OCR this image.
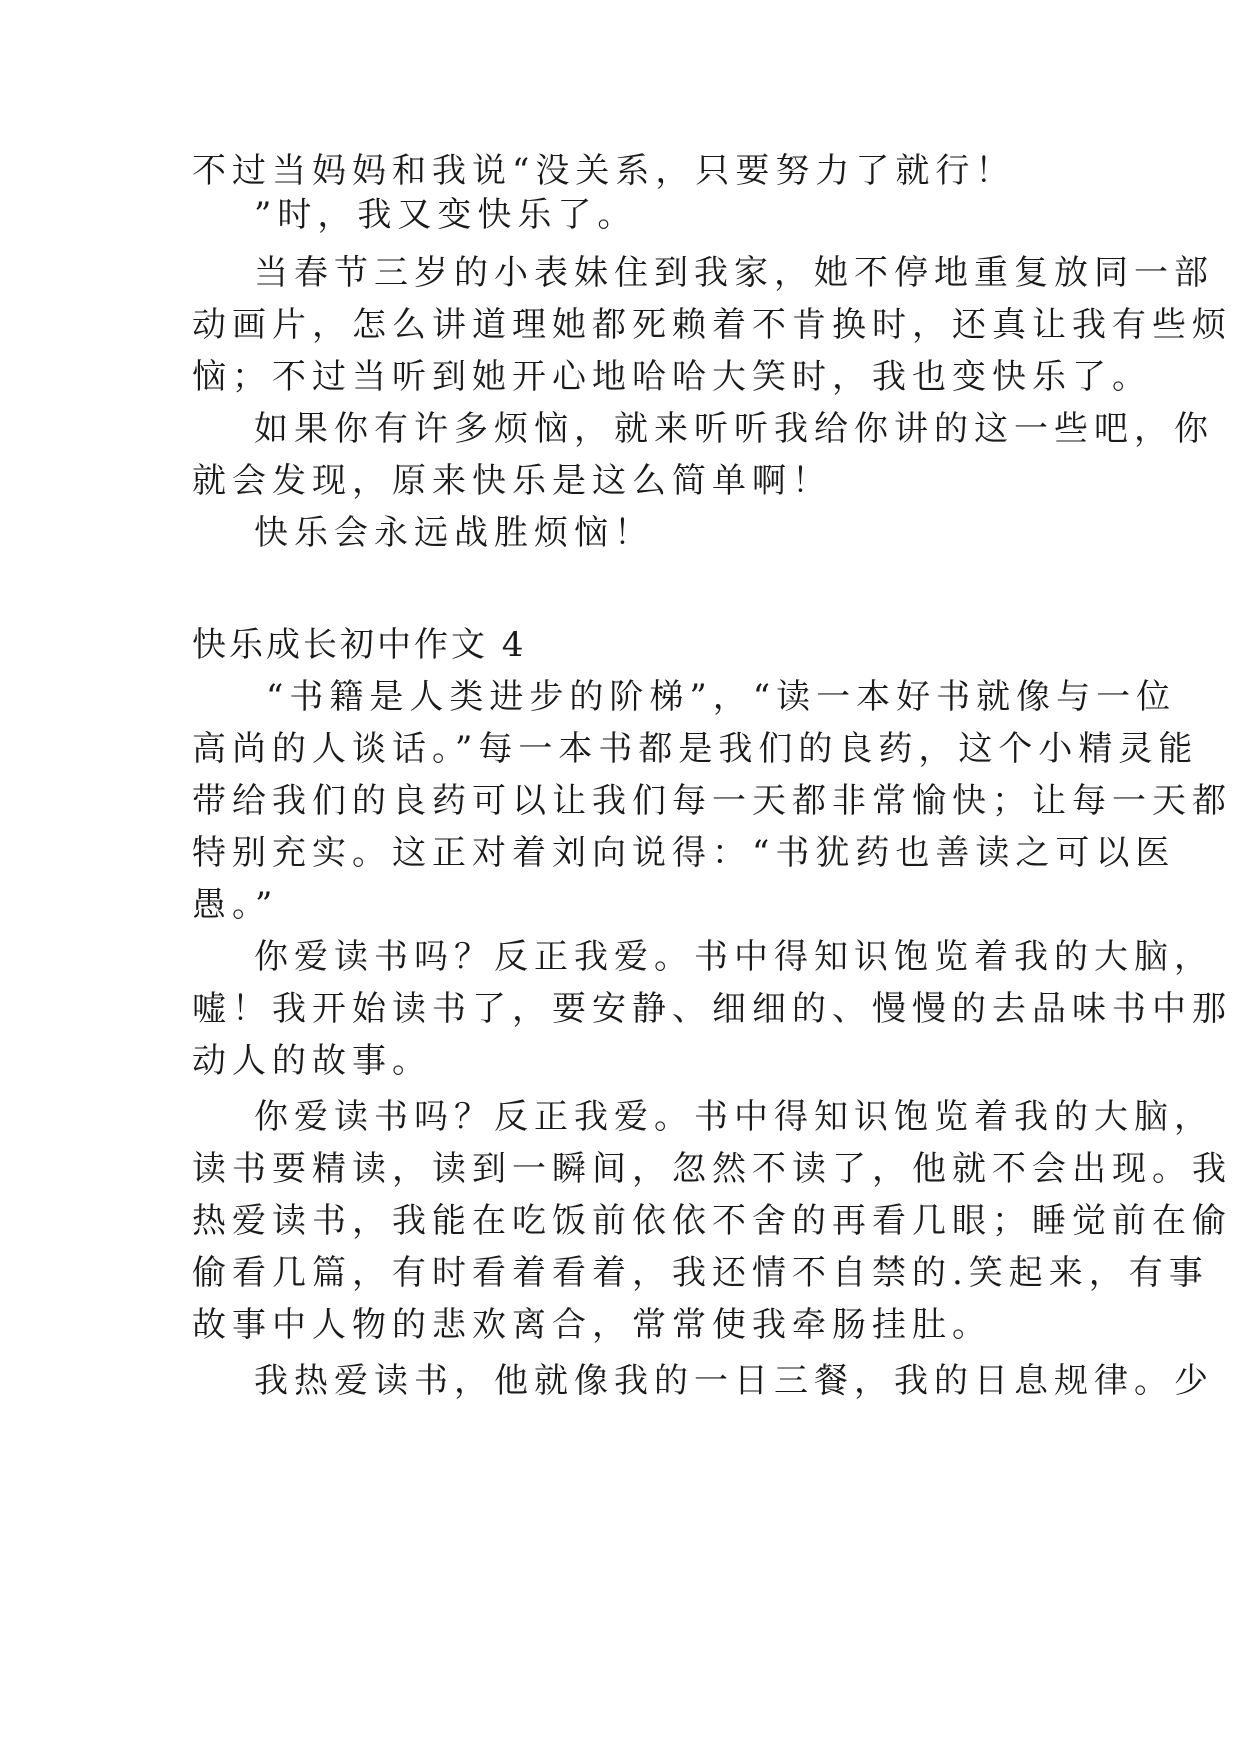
不过当妈妈和我说“没关系，只要努力了就行！
”时，我又变快乐了。
当春节三岁的小表妹住到我家，她不停地重复放同一部
动画片，怎么讲道理她都死赖着不肯换时，还真让我有些烦
恼；不过当听到她开心地哈哈大笑时，我也变快乐了。
如果你有许多烦恼，就来听听我给你讲的这一些吧，你
就会发现，原来快乐是这么简单啊！
快乐会永远战胜烦恼！
快乐成长初中作文 4
“书籍是人类进步的阶梯”，“读一本好书就像与一位
高尚的人谈话。”每一本书都是我们的良药，这个小精灵能
带给我们的良药可以让我们每一天都非常愉快；让每一天都
特别充实。这正对着刘向说得：“书犹药也善读之可以医
愚。”
你爱读书吗？反正我爱。书中得知识饱览着我的大脑，
嘘！我开始读书了，要安静、细细的、慢慢的去品味书中那
动人的故事。
你爱读书吗？反正我爱。书中得知识饱览着我的大脑，
读书要精读，读到一瞬间，忽然不读了，他就不会出现。我
热爱读书，我能在吃饭前依依不舍的再看几眼；睡觉前在偷
偷看几篇，有时看着看着，我还情不自禁的.笑起来，有事
故事中人物的悲欢离合，常常使我牵肠挂肚。
我热爱读书，他就像我的一日三餐，我的日息规律。少
